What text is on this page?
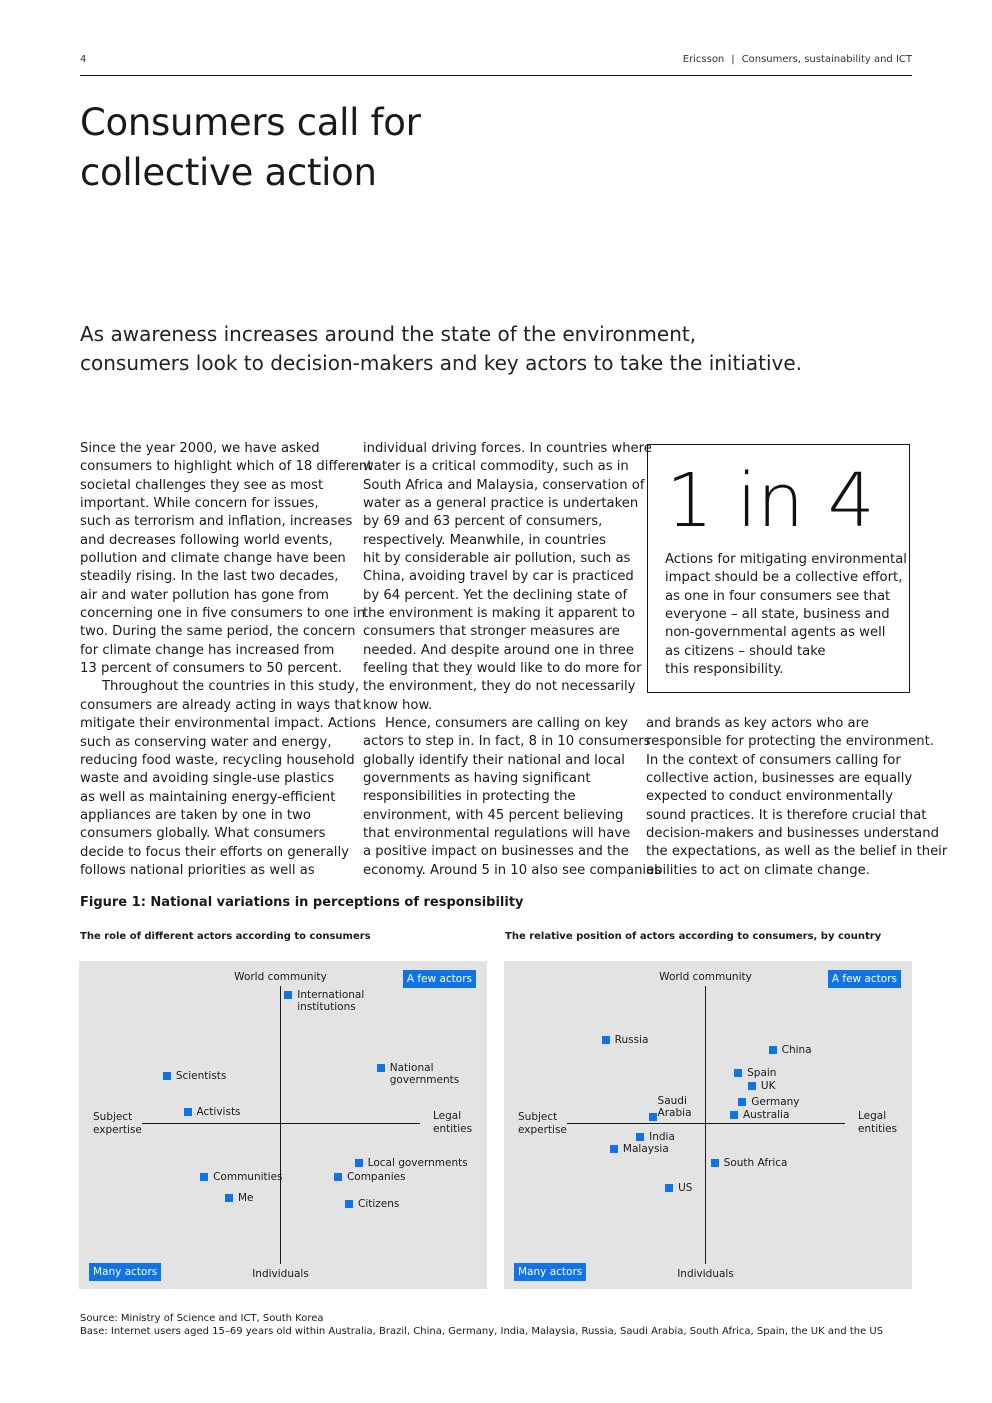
4	Ericsson | Consumers, sustainability and ICT
Consumers call for
collective action

As awareness increases around the state of the environment,
consumers look to decision-makers and key actors to take the initiative.

Since the year 2000, we have asked
consumers to highlight which of 18 different
societal challenges they see as most
important. While concern for issues,
such as terrorism and inflation, increases
and decreases following world events,
pollution and climate change have been
steadily rising. In the last two decades,
air and water pollution has gone from
concerning one in five consumers to one in
two. During the same period, the concern
for climate change has increased from
13 percent of consumers to 50 percent.
Throughout the countries in this study,
consumers are already acting in ways that
mitigate their environmental impact. Actions
such as conserving water and energy,
reducing food waste, recycling household
waste and avoiding single-use plastics
as well as maintaining energy-efficient
appliances are taken by one in two
consumers globally. What consumers
decide to focus their efforts on generally
follows national priorities as well as
individual driving forces. In countries where
water is a critical commodity, such as in
South Africa and Malaysia, conservation of
water as a general practice is undertaken
by 69 and 63 percent of consumers,
respectively. Meanwhile, in countries
hit by considerable air pollution, such as
China, avoiding travel by car is practiced
by 64 percent. Yet the declining state of
the environment is making it apparent to
consumers that stronger measures are
needed. And despite around one in three
feeling that they would like to do more for
the environment, they do not necessarily
know how.
Hence, consumers are calling on key
actors to step in. In fact, 8 in 10 consumers
globally identify their national and local
governments as having significant
responsibilities in protecting the
environment, with 45 percent believing
that environmental regulations will have
a positive impact on businesses and the
economy. Around 5 in 10 also see companies
and brands as key actors who are
responsible for protecting the environment.
In the context of consumers calling for
collective action, businesses are equally
expected to conduct environmentally
sound practices. It is therefore crucial that
decision-makers and businesses understand
the expectations, as well as the belief in their
abilities to act on climate change.
1 in 4
Actions for mitigating environmental
impact should be a collective effort,
as one in four consumers see that
everyone – all state, business and
non-governmental agents as well
as citizens – should take
this responsibility.
Figure 1: National variations in perceptions of responsibility
The role of different actors according to consumers	The relative position of actors according to consumers, by country
World community
Individuals
Subject
expertise
Legal
entities
A few actors
Many actors
International
institutions
National
governments
Scientists
Activists
Local governments
Companies
Communities
Me
Citizens
World community
Individuals
Subject
expertise
Legal
entities
A few actors
Many actors
Russia
China
Spain
UK
Germany
Australia
Saudi
Arabia
India
Malaysia
South Africa
US
Source: Ministry of Science and ICT, South Korea
Base: Internet users aged 15–69 years old within Australia, Brazil, China, Germany, India, Malaysia, Russia, Saudi Arabia, South Africa, Spain, the UK and the US
